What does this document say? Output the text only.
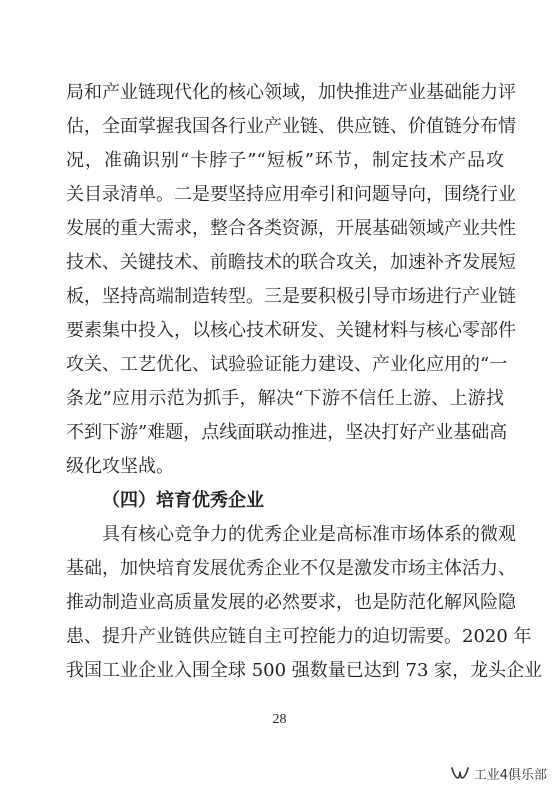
局和产业链现代化的核心领域，加快推进产业基础能力评
估，全面掌握我国各行业产业链、供应链、价值链分布情
况，准确识别“卡脖子”“短板”环节，制定技术产品攻
关目录清单。二是要坚持应用牵引和问题导向，围绕行业
发展的重大需求，整合各类资源，开展基础领域产业共性
技术、关键技术、前瞻技术的联合攻关，加速补齐发展短
板，坚持高端制造转型。三是要积极引导市场进行产业链
要素集中投入，以核心技术研发、关键材料与核心零部件
攻关、工艺优化、试验验证能力建设、产业化应用的“一
条龙”应用示范为抓手，解决“下游不信任上游、上游找
不到下游”难题，点线面联动推进，坚决打好产业基础高
级化攻坚战。
（四）培育优秀企业
具有核心竞争力的优秀企业是高标准市场体系的微观
基础，加快培育发展优秀企业不仅是激发市场主体活力、
推动制造业高质量发展的必然要求，也是防范化解风险隐
患、提升产业链供应链自主可控能力的迫切需要。2020 年
我国工业企业入围全球 500 强数量已达到 73 家，龙头企业
28
工业4俱乐部
